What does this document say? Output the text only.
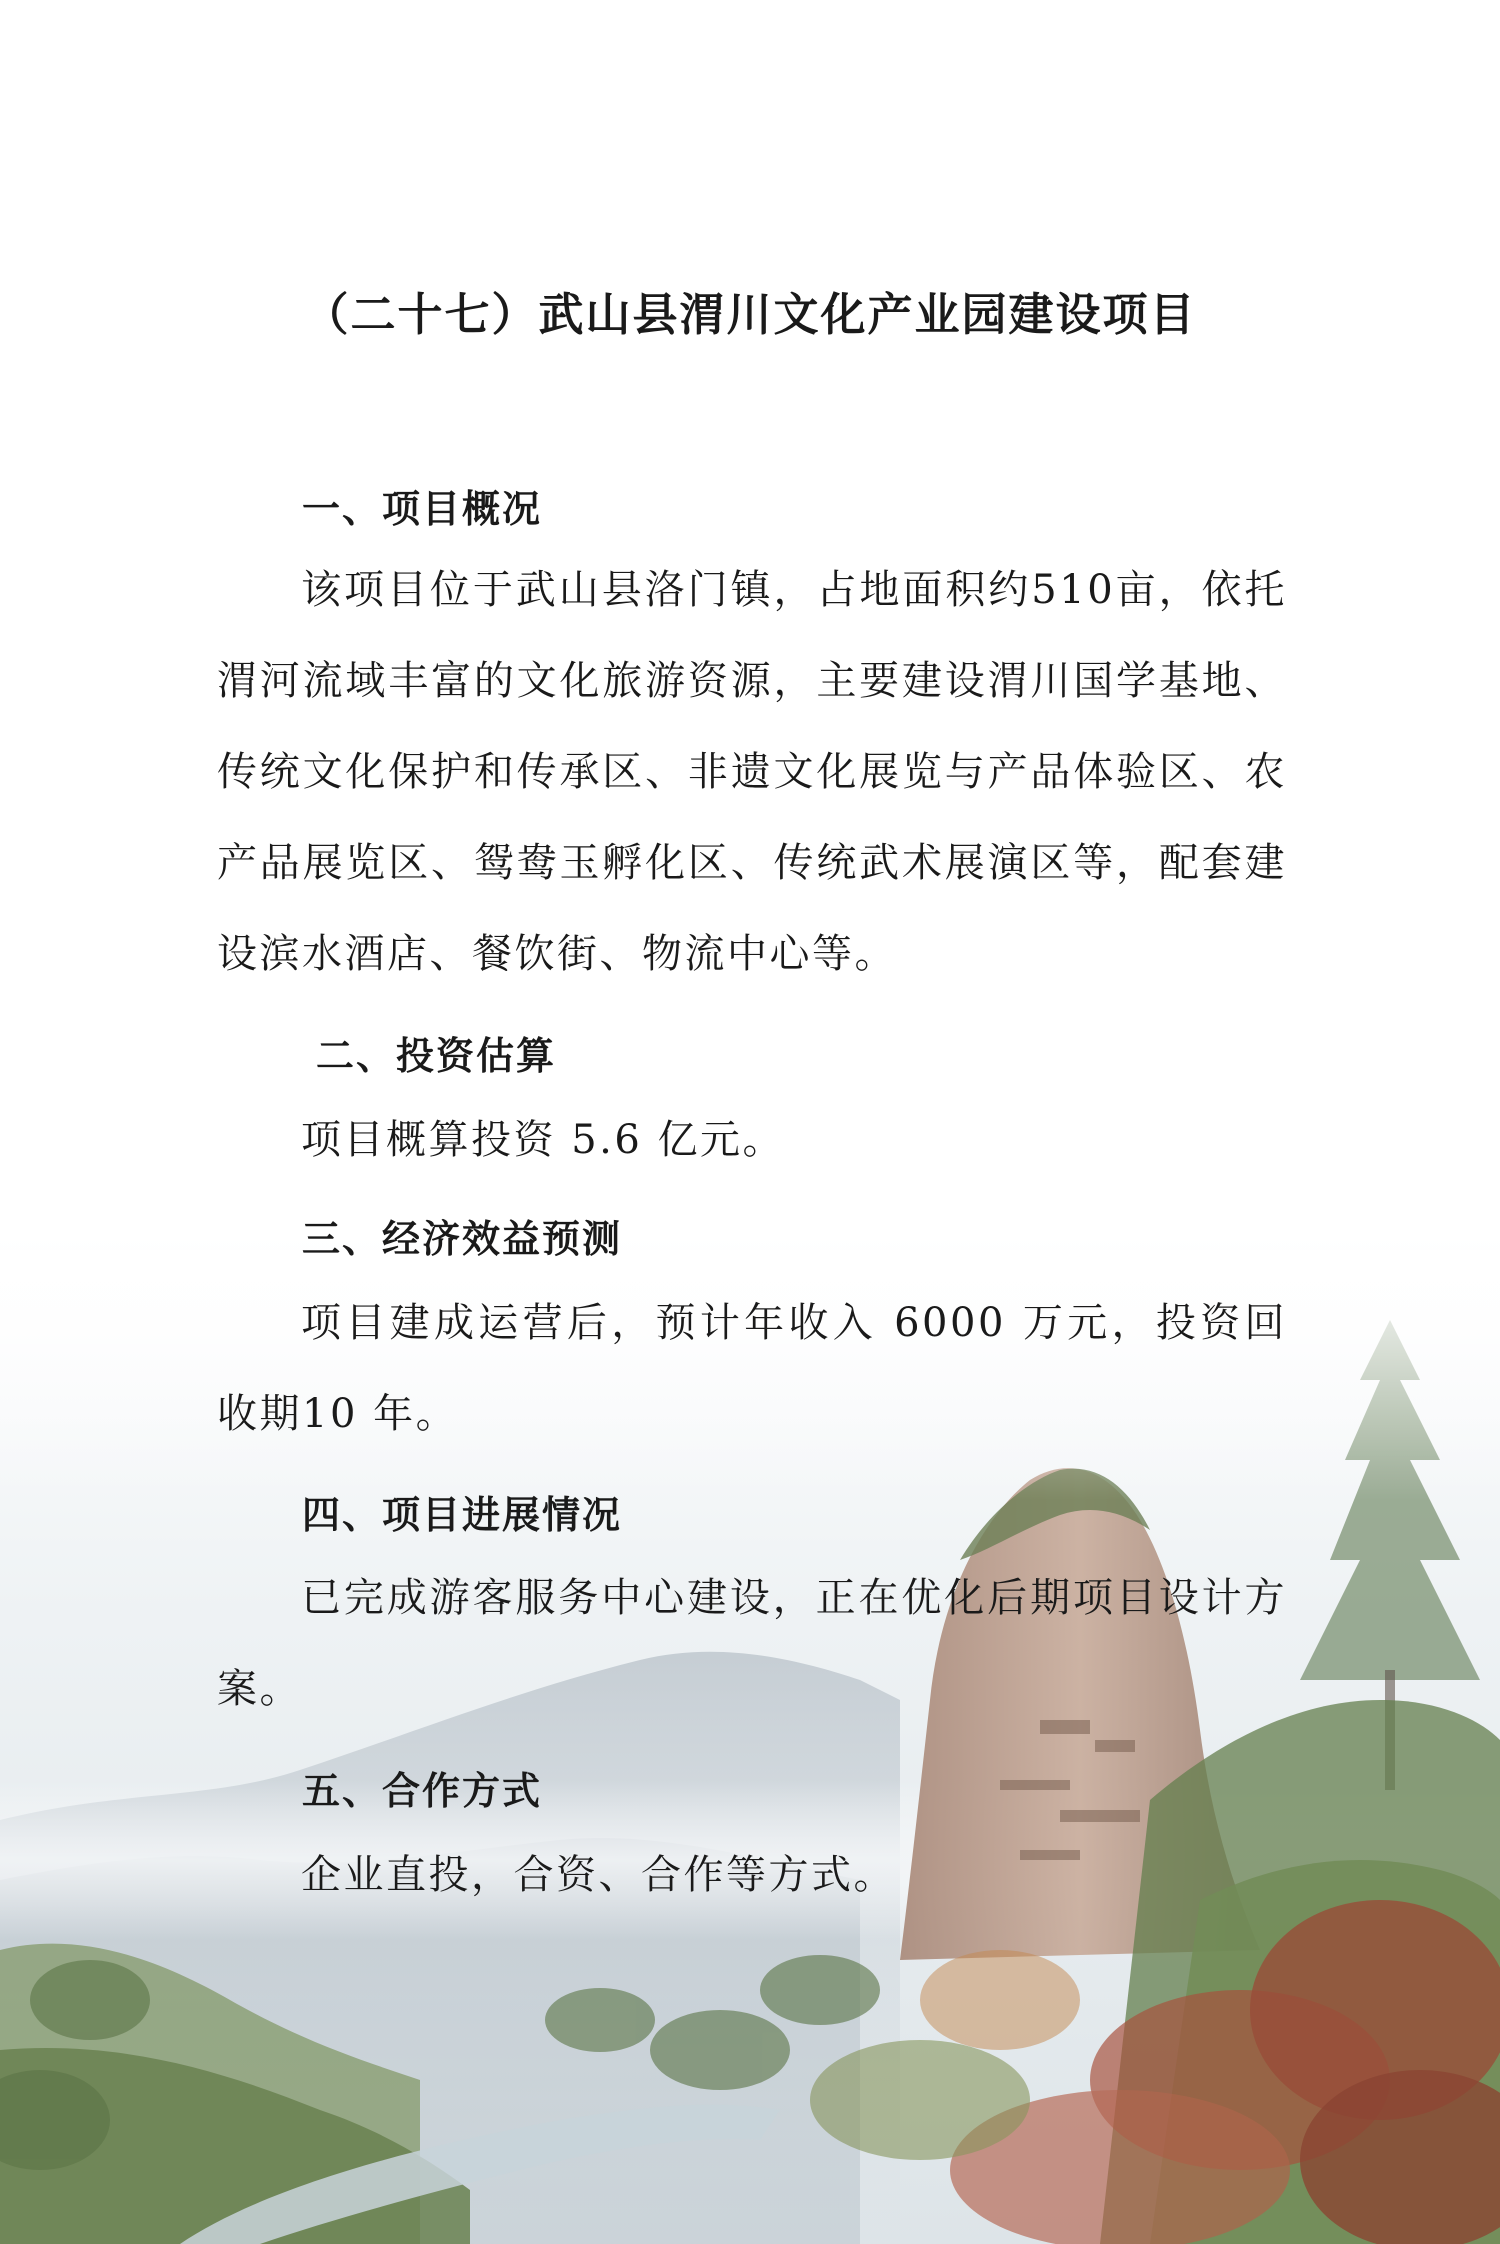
（二十七）武山县渭川文化产业园建设项目
一、项目概况

该项目位于武山县洛门镇，占地面积约510亩，依托渭河流域丰富的文化旅游资源，主要建设渭川国学基地、传统文化保护和传承区、非遗文化展览与产品体验区、农产品展览区、鸳鸯玉孵化区、传统武术展演区等，配套建设滨水酒店、餐饮街、物流中心等。

二、投资估算

项目概算投资 5.6 亿元。

三、经济效益预测

项目建成运营后，预计年收入 6000 万元，投资回收期10 年。

四、项目进展情况

已完成游客服务中心建设，正在优化后期项目设计方案。

五、合作方式

企业直投，合资、合作等方式。
